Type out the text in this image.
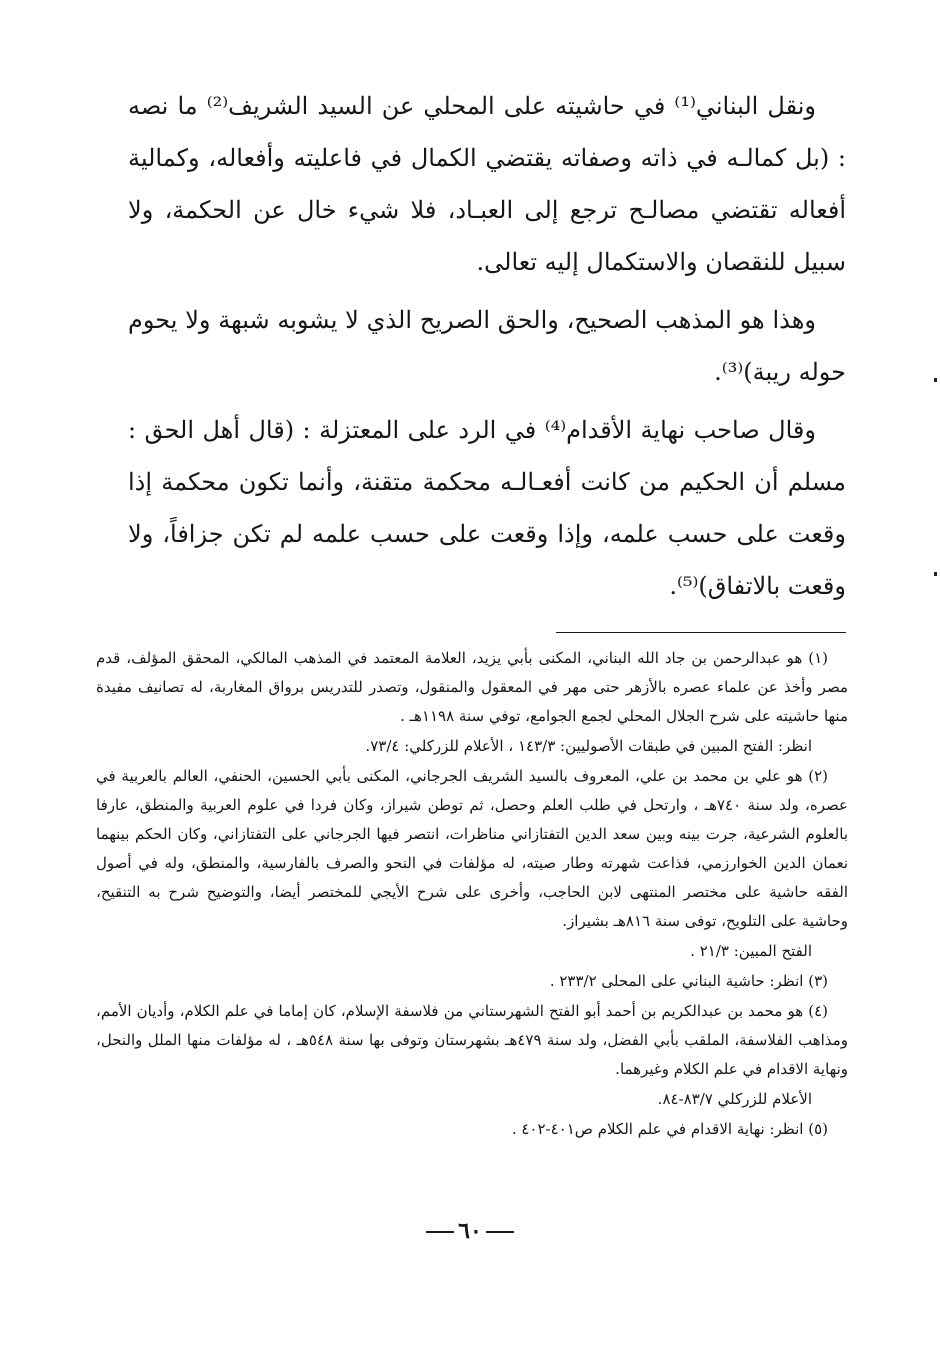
ونقل البناني⁽¹⁾ في حاشيته على المحلي عن السيد الشريف⁽²⁾ ما نصه : (بل كمالـه في ذاته وصفاته يقتضي الكمال في فاعليته وأفعاله، وكمالية أفعاله تقتضي مصالـح ترجع إلى العبـاد، فلا شيء خال عن الحكمة، ولا سبيل للنقصان والاستكمال إليه تعالى.

وهذا هو المذهب الصحيح، والحق الصريح الذي لا يشوبه شبهة ولا يحوم حوله ريبة)⁽³⁾.

وقال صاحب نهاية الأقدام⁽⁴⁾ في الرد على المعتزلة : (قال أهل الحق : مسلم أن الحكيم من كانت أفعـالـه محكمة متقنة، وأنما تكون محكمة إذا وقعت على حسب علمه، وإذا وقعت على حسب علمه لم تكن جزافاً، ولا وقعت بالاتفاق)⁽⁵⁾.

(١) هو عبدالرحمن بن جاد الله البناني، المكنى بأبي يزيد، العلامة المعتمد في المذهب المالكي، المحقق المؤلف، قدم مصر وأخذ عن علماء عصره بالأزهر حتى مهر في المعقول والمنقول، وتصدر للتدريس برواق المغاربة، له تصانيف مفيدة منها حاشيته على شرح الجلال المحلي لجمع الجوامع، توفي سنة ١١٩٨هـ .

انظر: الفتح المبين في طبقات الأصوليين: ١٤٣/٣ ، الأعلام للزركلي: ٧٣/٤.

(٢) هو علي بن محمد بن علي، المعروف بالسيد الشريف الجرجاني، المكنى بأبي الحسين، الحنفي، العالم بالعربية في عصره، ولد سنة ٧٤٠هـ ، وارتحل في طلب العلم وحصل، ثم توطن شيراز، وكان فردا في علوم العربية والمنطق، عارفا بالعلوم الشرعية، جرت بينه وبين سعد الدين التفتازاني مناظرات، انتصر فيها الجرجاني على التفتازاني، وكان الحكم بينهما نعمان الدين الخوارزمي، فذاعت شهرته وطار صيته، له مؤلفات في النحو والصرف بالفارسية، والمنطق، وله في أصول الفقه حاشية على مختصر المنتهى لابن الحاجب، وأخرى على شرح الأيجي للمختصر أيضا، والتوضيح شرح به التنقيح، وحاشية على التلويح، توفى سنة ٨١٦هـ بشيراز.

الفتح المبين: ٢١/٣ .

(٣) انظر: حاشية البناني على المحلى ٢٣٣/٢ .

(٤) هو محمد بن عبدالكريم بن أحمد أبو الفتح الشهرستاني من فلاسفة الإسلام، كان إماما في علم الكلام، وأديان الأمم، ومذاهب الفلاسفة، الملقب بأبي الفضل، ولد سنة ٤٧٩هـ بشهرستان وتوفى بها سنة ٥٤٨هـ ، له مؤلفات منها الملل والنحل، ونهاية الاقدام في علم الكلام وغيرهما.

الأعلام للزركلي ٨٣/٧-٨٤.

(٥) انظر: نهاية الاقدام في علم الكلام ص٤٠١-٤٠٢ .

٦٠
